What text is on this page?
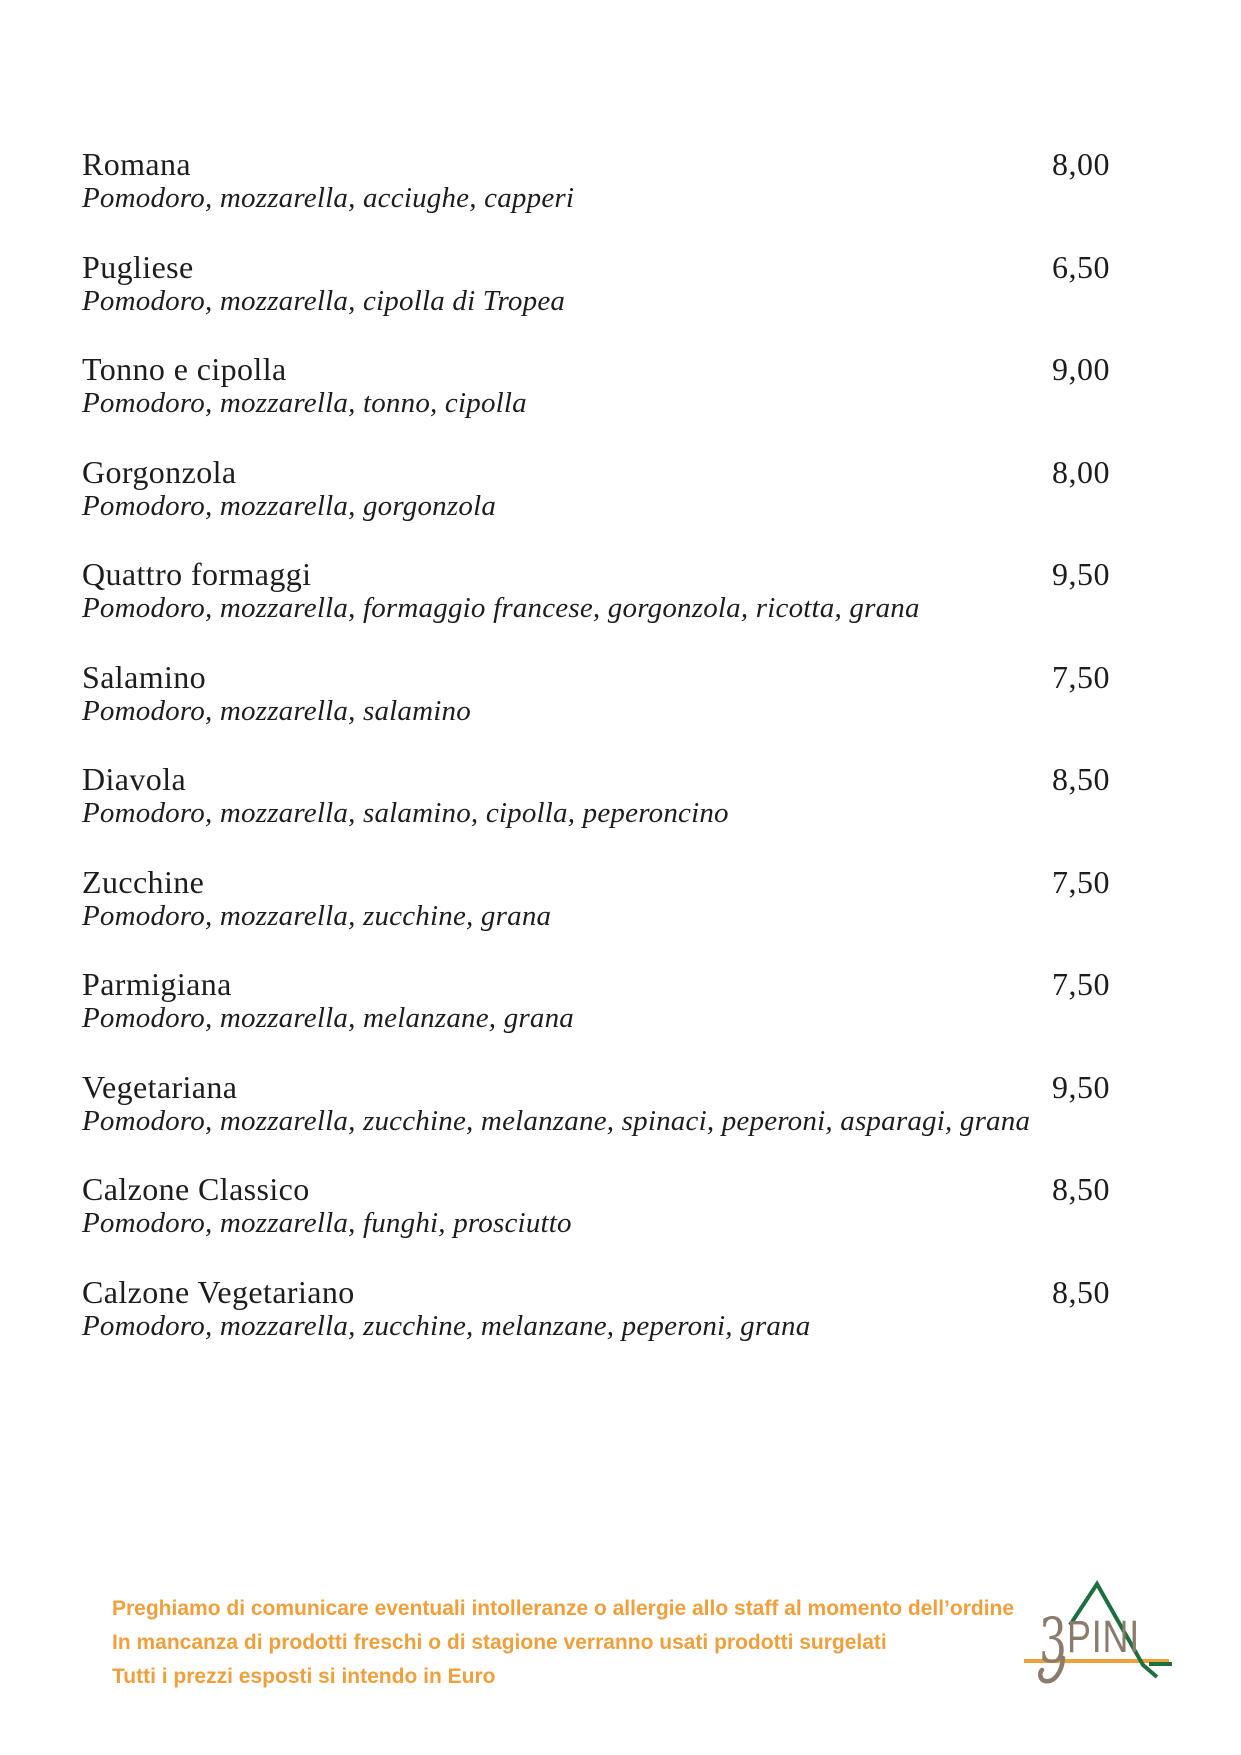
Romana	8,00

Pomodoro, mozzarella, acciughe, capperi

Pugliese	6,50

Pomodoro, mozzarella, cipolla di Tropea

Tonno e cipolla	9,00

Pomodoro, mozzarella, tonno, cipolla

Gorgonzola	8,00

Pomodoro, mozzarella, gorgonzola

Quattro formaggi	9,50

Pomodoro, mozzarella, formaggio francese, gorgonzola, ricotta, grana

Salamino	7,50

Pomodoro, mozzarella, salamino

Diavola	8,50

Pomodoro, mozzarella, salamino, cipolla, peperoncino

Zucchine	7,50

Pomodoro, mozzarella, zucchine, grana

Parmigiana	7,50

Pomodoro, mozzarella, melanzane, grana

Vegetariana	9,50

Pomodoro, mozzarella, zucchine, melanzane, spinaci, peperoni, asparagi, grana

Calzone Classico	8,50

Pomodoro, mozzarella, funghi, prosciutto

Calzone Vegetariano	8,50

Pomodoro, mozzarella, zucchine, melanzane, peperoni, grana

Preghiamo di comunicare eventuali intolleranze o allergie allo staff al momento dell’ordine

In mancanza di prodotti freschi o di stagione verranno usati prodotti surgelati

Tutti i prezzi esposti si intendo in Euro	3 PINI
